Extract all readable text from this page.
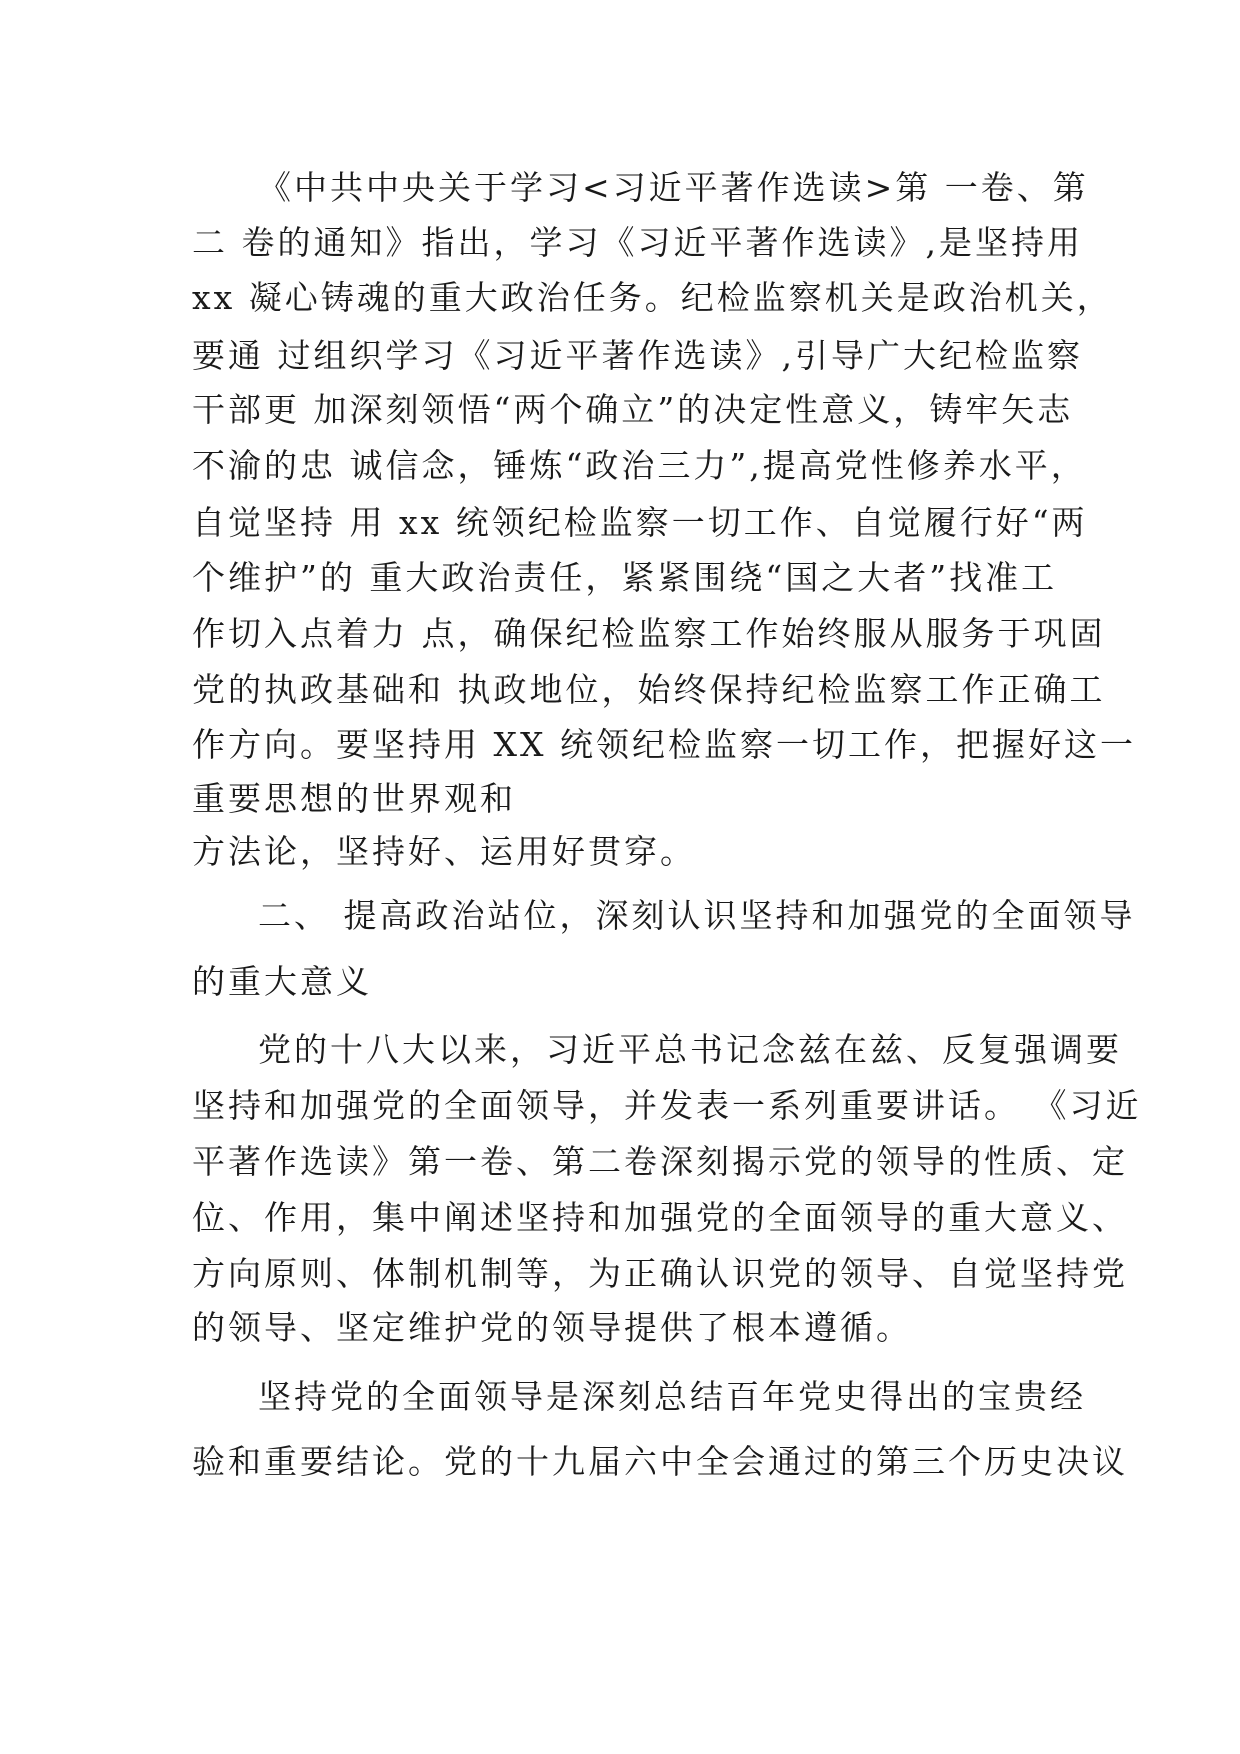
《中共中央关于学习<习近平著作选读>第 一卷、第
二 卷的通知》指出，学习《习近平著作选读》,是坚持用
xx 凝心铸魂的重大政治任务。纪检监察机关是政治机关，
要通 过组织学习《习近平著作选读》,引导广大纪检监察
干部更 加深刻领悟“两个确立”的决定性意义，铸牢矢志
不渝的忠 诚信念，锤炼“政治三力”,提高党性修养水平，
自觉坚持 用 xx 统领纪检监察一切工作、自觉履行好“两
个维护”的 重大政治责任，紧紧围绕“国之大者”找准工
作切入点着力 点，确保纪检监察工作始终服从服务于巩固
党的执政基础和 执政地位，始终保持纪检监察工作正确工
作方向。要坚持用 XX 统领纪检监察一切工作，把握好这一
重要思想的世界观和
方法论，坚持好、运用好贯穿。
二、 提高政治站位，深刻认识坚持和加强党的全面领导
的重大意义
党的十八大以来，习近平总书记念兹在兹、反复强调要
坚持和加强党的全面领导，并发表一系列重要讲话。 《习近
平著作选读》第一卷、第二卷深刻揭示党的领导的性质、定
位、作用，集中阐述坚持和加强党的全面领导的重大意义、
方向原则、体制机制等，为正确认识党的领导、自觉坚持党
的领导、坚定维护党的领导提供了根本遵循。
坚持党的全面领导是深刻总结百年党史得出的宝贵经
验和重要结论。党的十九届六中全会通过的第三个历史决议
